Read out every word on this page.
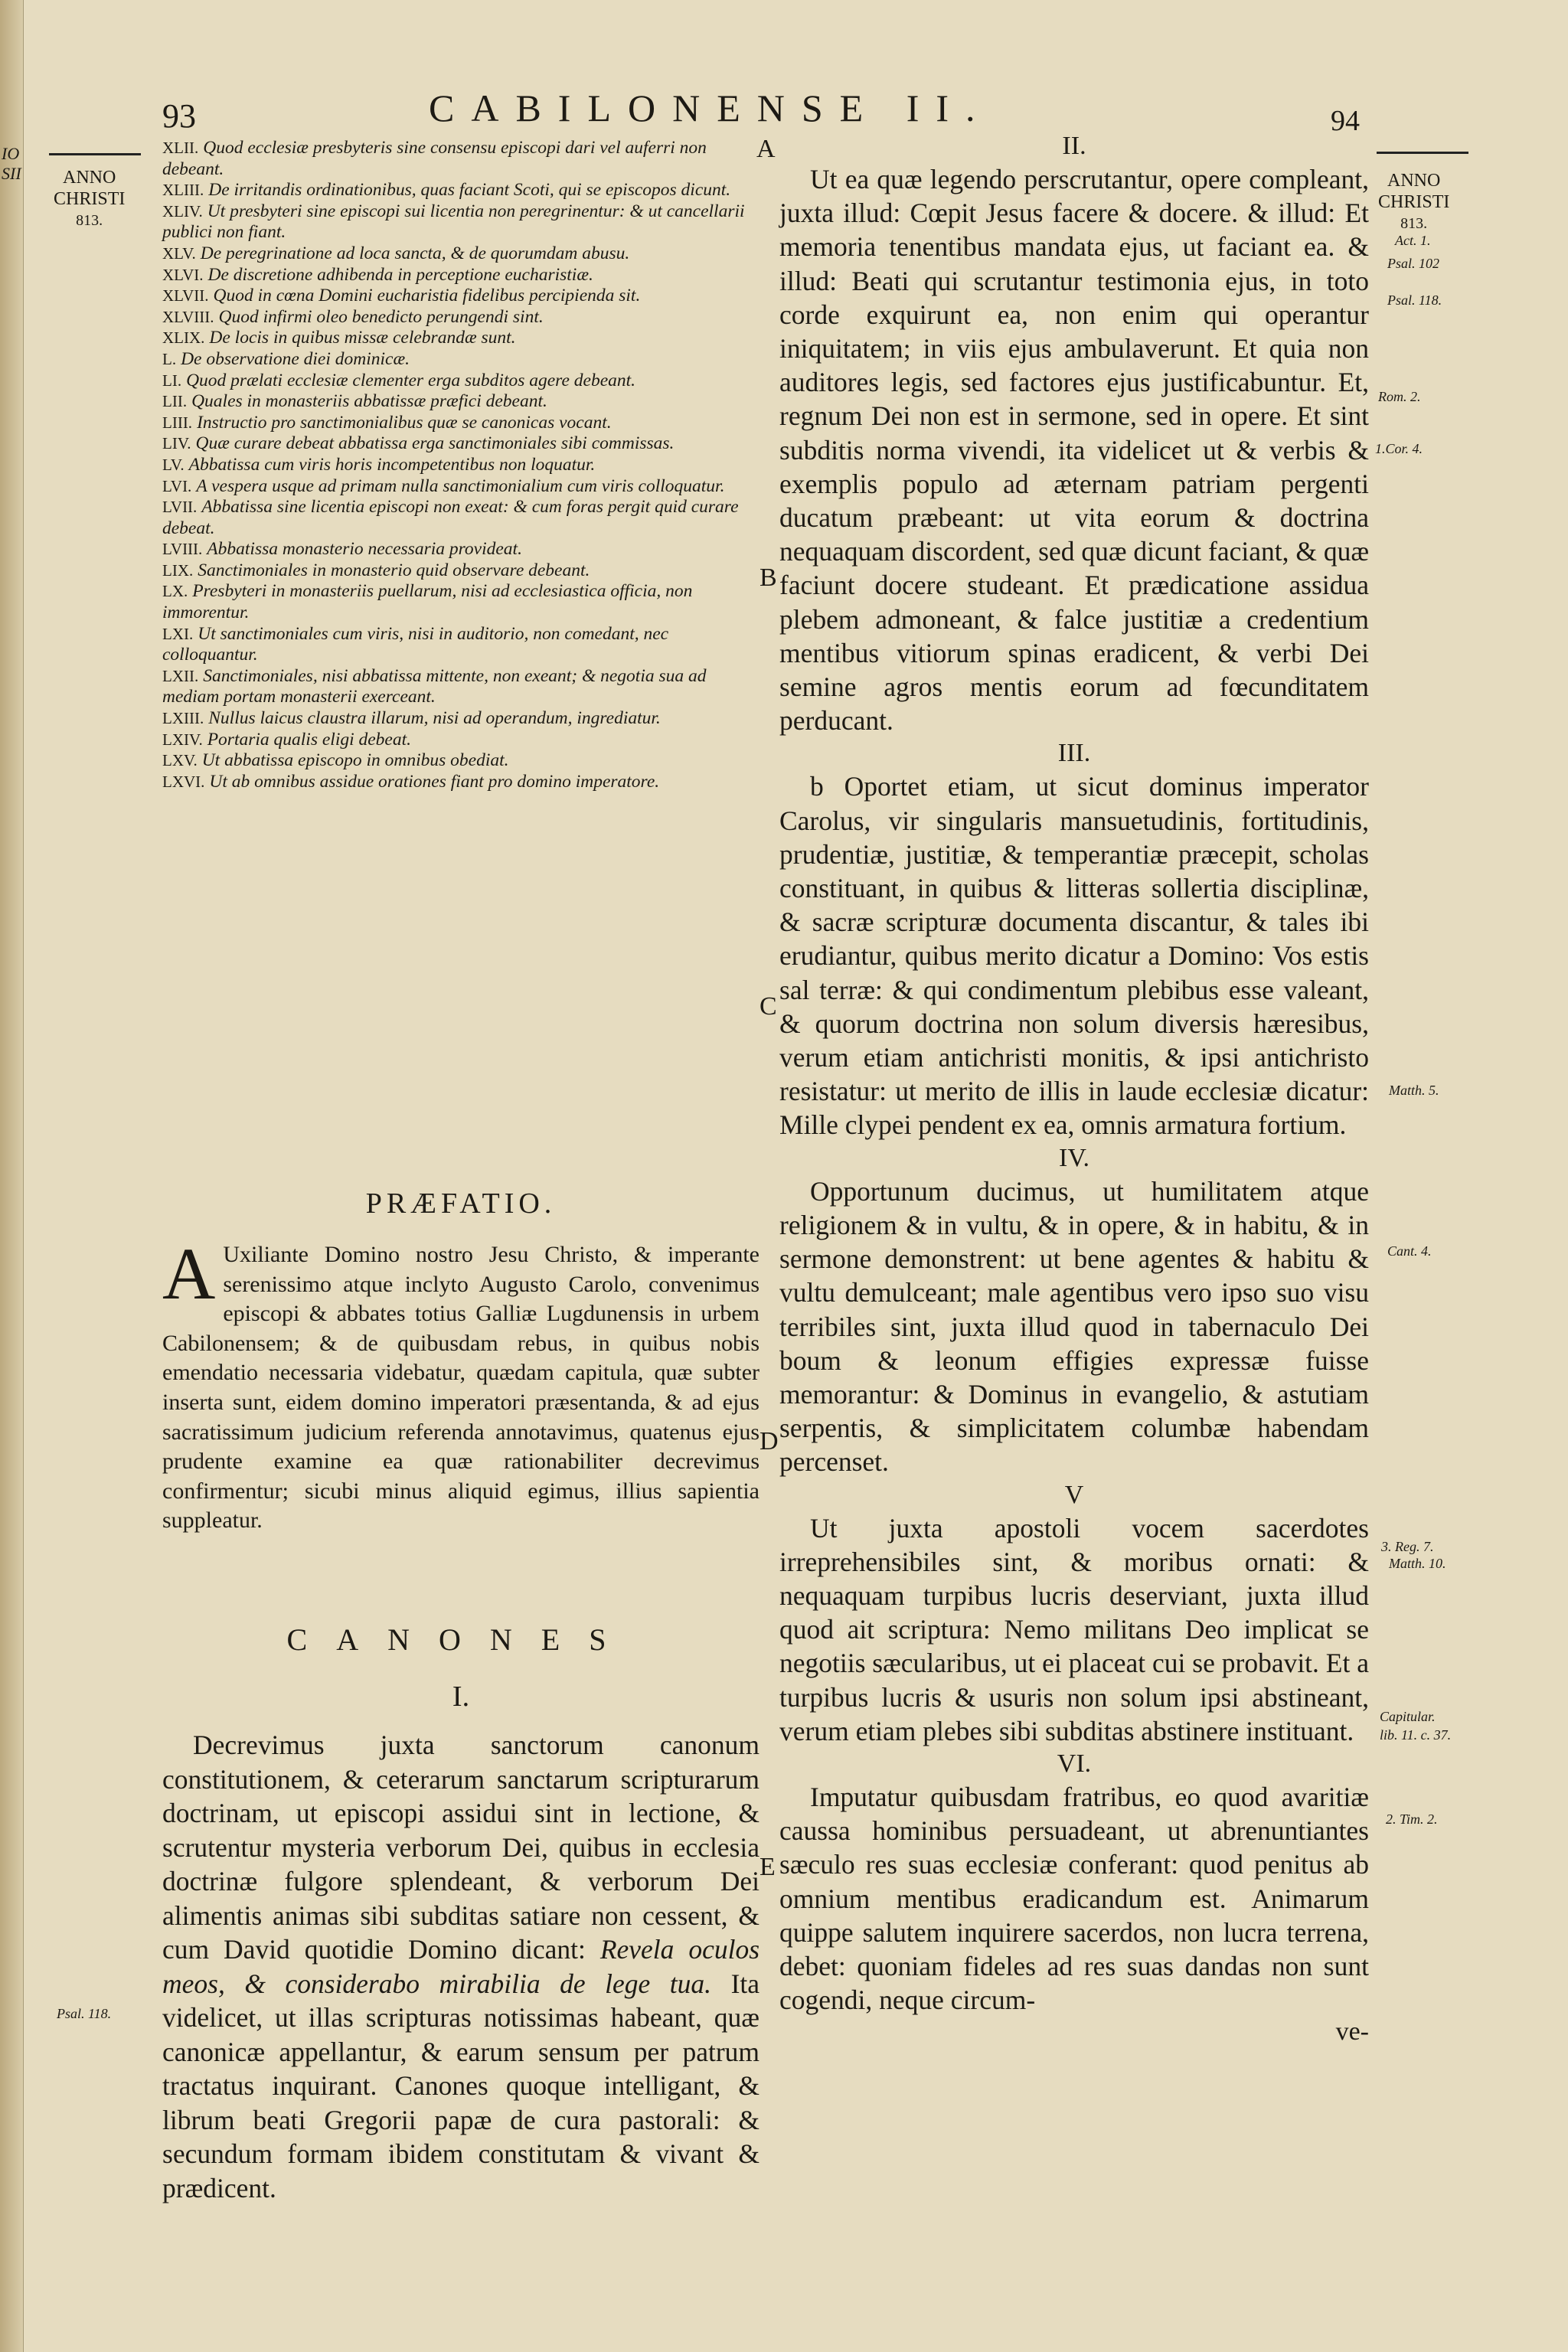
IO
SII
93	CABILONENSE II.	94
ANNO
CHRISTI
813.
ANNO
CHRISTI
813.
XLII. Quod ecclesiæ presbyteris sine consensu episcopi dari vel auferri non debeant.
XLIII. De irritandis ordinationibus, quas faciant Scoti, qui se episcopos dicunt.
XLIV. Ut presbyteri sine episcopi sui licentia non peregrinentur: & ut cancellarii publici non fiant.
XLV. De peregrinatione ad loca sancta, & de quorumdam abusu.
XLVI. De discretione adhibenda in perceptione eucharistiæ.
XLVII. Quod in cœna Domini eucharistia fidelibus percipienda sit.
XLVIII. Quod infirmi oleo benedicto perungendi sint.
XLIX. De locis in quibus missæ celebrandæ sunt.
L. De observatione diei dominicæ.
LI. Quod prælati ecclesiæ clementer erga subditos agere debeant.
LII. Quales in monasteriis abbatissæ præfici debeant.
LIII. Instructio pro sanctimonialibus quæ se canonicas vocant.
LIV. Quæ curare debeat abbatissa erga sanctimoniales sibi commissas.
LV. Abbatissa cum viris horis incompetentibus non loquatur.
LVI. A vespera usque ad primam nulla sanctimonialium cum viris colloquatur.
LVII. Abbatissa sine licentia episcopi non exeat: & cum foras pergit quid curare debeat.
LVIII. Abbatissa monasterio necessaria provideat.
LIX. Sanctimoniales in monasterio quid observare debeant.
LX. Presbyteri in monasteriis puellarum, nisi ad ecclesiastica officia, non immorentur.
LXI. Ut sanctimoniales cum viris, nisi in auditorio, non comedant, nec colloquantur.
LXII. Sanctimoniales, nisi abbatissa mittente, non exeant; & negotia sua ad mediam portam monasterii exerceant.
LXIII. Nullus laicus claustra illarum, nisi ad operandum, ingrediatur.
LXIV. Portaria qualis eligi debeat.
LXV. Ut abbatissa episcopo in omnibus obediat.
LXVI. Ut ab omnibus assidue orationes fiant pro domino imperatore.
PRÆFATIO.
A Uxiliante Domino nostro Jesu Christo, & imperante serenissimo atque inclyto Augusto Carolo, convenimus episcopi & abbates totius Galliæ Lugdunensis in urbem Cabilonensem; & de quibusdam rebus, in quibus nobis emendatio necessaria videbatur, quædam capitula, quæ subter inserta sunt, eidem domino imperatori præsentanda, & ad ejus sacratissimum judicium referenda annotavimus, quatenus ejus prudente examine ea quæ rationabiliter decrevimus confirmentur; sicubi minus aliquid egimus, illius sapientia suppleatur.
CANONES
I.
Decrevimus juxta sanctorum canonum constitutionem, & ceterarum sanctarum scripturarum doctrinam, ut episcopi assidui sint in lectione, & scrutentur mysteria verborum Dei, quibus in ecclesia doctrinæ fulgore splendeant, & verborum Dei alimentis animas sibi subditas satiare non cessent, & cum David quotidie Domino dicant: Revela oculos meos, & considerabo mirabilia de lege tua. Ita videlicet, ut illas scripturas notissimas habeant, quæ canonicæ appellantur, & earum sensum per patrum tractatus inquirant. Canones quoque intelligant, & librum beati Gregorii papæ de cura pastorali: & secundum formam ibidem constitutam & vivant & prædicent.
II.
Ut ea quæ legendo perscrutantur, opere compleant, juxta illud: Cœpit Jesus facere & docere. & illud: Et memoria tenentibus mandata ejus, ut faciant ea. & illud: Beati qui scrutantur testimonia ejus, in toto corde exquirunt ea, non enim qui operantur iniquitatem; in viis ejus ambulaverunt. Et quia non auditores legis, sed factores ejus justificabuntur. Et, regnum Dei non est in sermone, sed in opere. Et sint subditis norma vivendi, ita videlicet ut & verbis & exemplis populo ad æternam patriam pergenti ducatum præbeant: ut vita eorum & doctrina nequaquam discordent, sed quæ dicunt faciant, & quæ faciunt docere studeant. Et prædicatione assidua plebem admoneant, & falce justitiæ a credentium mentibus vitiorum spinas eradicent, & verbi Dei semine agros mentis eorum ad fœcunditatem perducant.
III.
b Oportet etiam, ut sicut dominus imperator Carolus, vir singularis mansuetudinis, fortitudinis, prudentiæ, justitiæ, & temperantiæ præcepit, scholas constituant, in quibus & litteras sollertia disciplinæ, & sacræ scripturæ documenta discantur, & tales ibi erudiantur, quibus merito dicatur a Domino: Vos estis sal terræ: & qui condimentum plebibus esse valeant, & quorum doctrina non solum diversis hæresibus, verum etiam antichristi monitis, & ipsi antichristo resistatur: ut merito de illis in laude ecclesiæ dicatur: Mille clypei pendent ex ea, omnis armatura fortium.
IV.
Opportunum ducimus, ut humilitatem atque religionem & in vultu, & in opere, & in habitu, & in sermone demonstrent: ut bene agentes & habitu & vultu demulceant; male agentibus vero ipso suo visu terribiles sint, juxta illud quod in tabernaculo Dei boum & leonum effigies expressæ fuisse memorantur: & Dominus in evangelio, & astutiam serpentis, & simplicitatem columbæ habendam percenset.
V
Ut juxta apostoli vocem sacerdotes irreprehensibiles sint, & moribus ornati: & nequaquam turpibus lucris deserviant, juxta illud quod ait scriptura: Nemo militans Deo implicat se negotiis sæcularibus, ut ei placeat cui se probavit. Et a turpibus lucris & usuris non solum ipsi abstineant, verum etiam plebes sibi subditas abstinere instituant.
VI.
Imputatur quibusdam fratribus, eo quod avaritiæ caussa hominibus persuadeant, ut abrenuntiantes sæculo res suas ecclesiæ conferant: quod penitus ab omnium mentibus eradicandum est. Animarum quippe salutem inquirere sacerdos, non lucra terrena, debet: quoniam fideles ad res suas dandas non sunt cogendi, neque circum-
ve-
A
B
C
D
E
Act. 1.
Psal. 102
Psal. 118.
Rom. 2.
1.Cor. 4.
Matth. 5.
Cant. 4.
3. Reg. 7.
Matth. 10.
Capitular.
lib. 11. c. 37.
2. Tim. 2.
Psal. 118.
